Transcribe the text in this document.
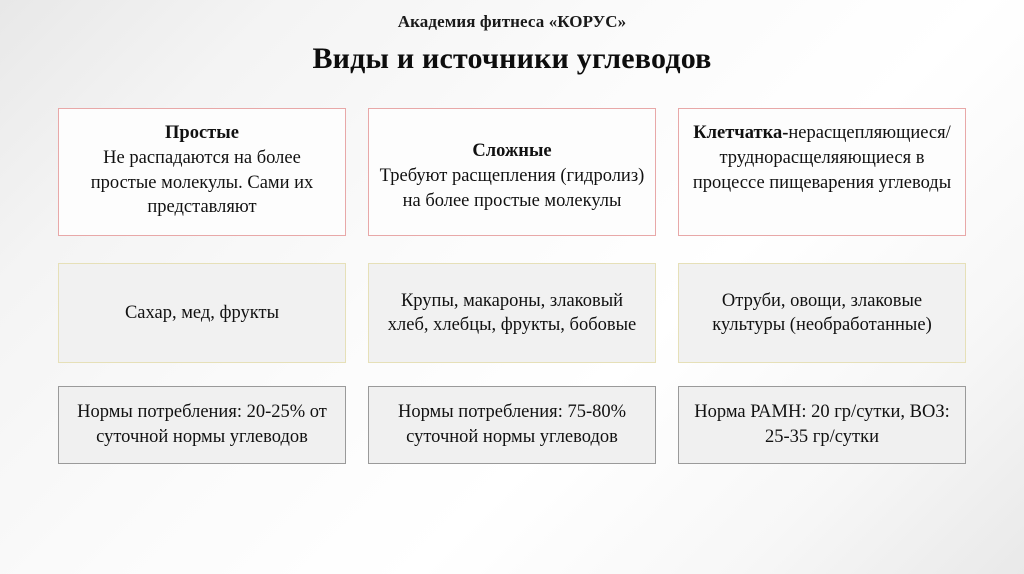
Академия фитнеса «КОРУС»
Виды и источники углеводов
Простые
Не распадаются на более простые молекулы. Сами их представляют
Сложные
Требуют расщепления (гидролиз) на более простые молекулы
Клетчатка-нерасщепляющиеся/труднорасщеляяющиеся в процессе пищеварения углеводы
Сахар, мед, фрукты
Крупы, макароны, злаковый хлеб, хлебцы, фрукты, бобовые
Отруби, овощи, злаковые культуры (необработанные)
Нормы потребления: 20-25% от суточной нормы углеводов
Нормы потребления: 75-80% суточной нормы углеводов
Норма РАМН: 20 гр/сутки, ВОЗ: 25-35 гр/сутки
